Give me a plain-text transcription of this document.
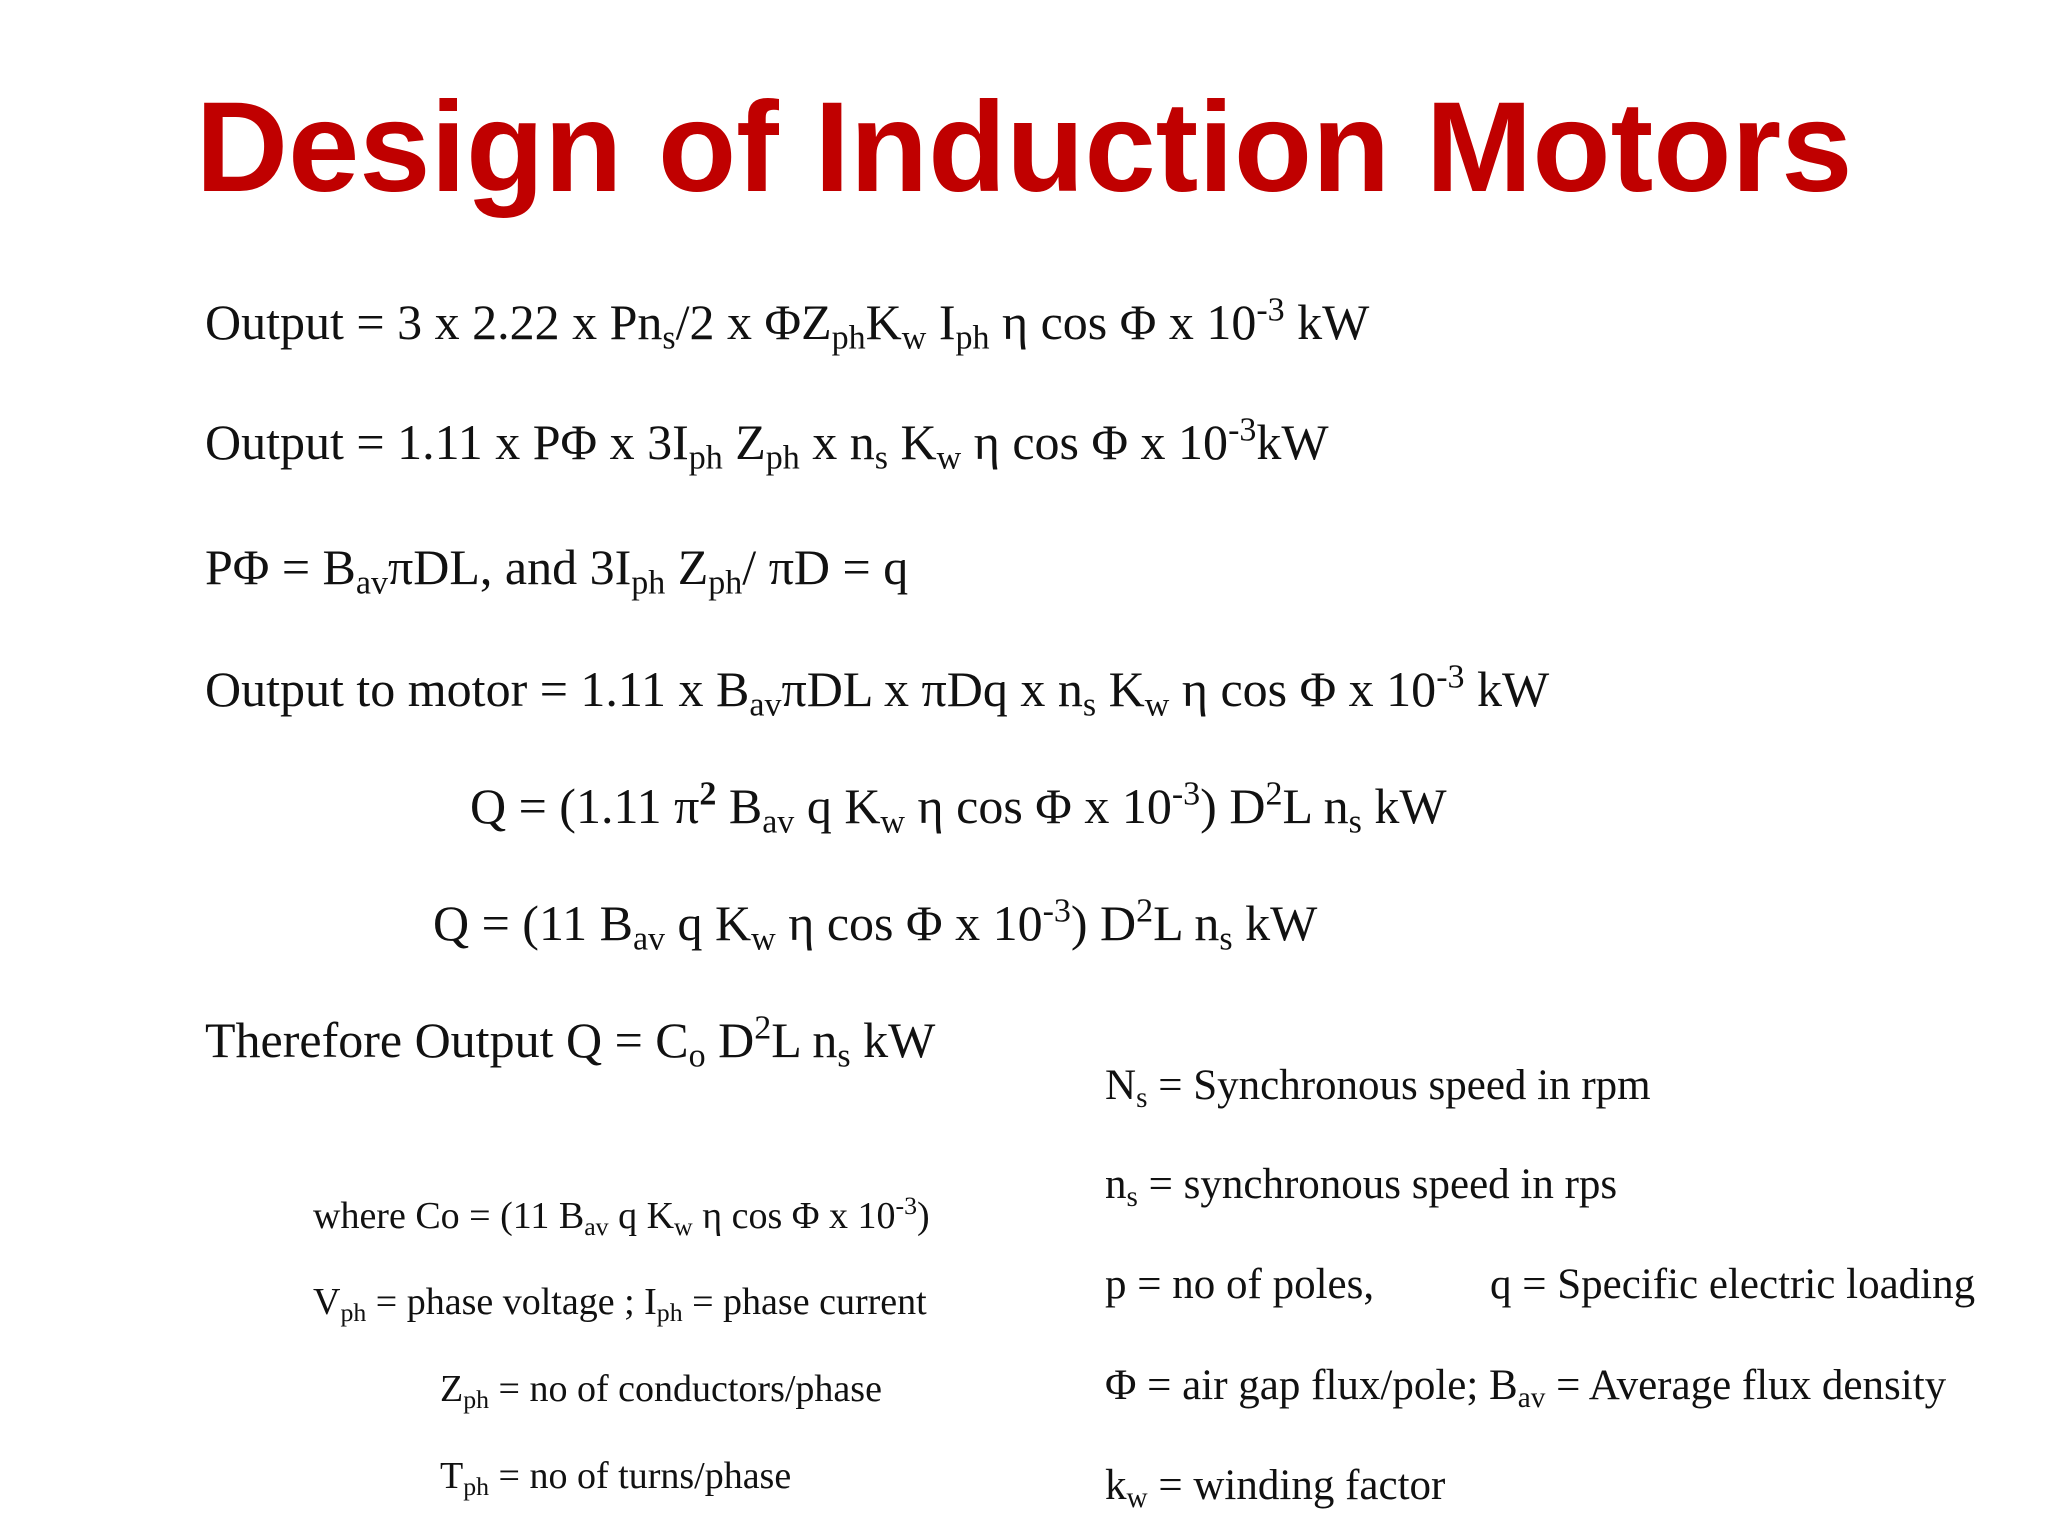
Design of Induction Motors
Output = 3 x 2.22 x $Pn_s/2$ x $\Phi Z_{ph}K_w$ $I_{ph}$ η cos Φ x $10^{-3}$ kW
Output = 1.11 x PΦ x $3I_{ph}$ $Z_{ph}$ x $n_s$ $K_w$ η cos Φ x $10^{-3}kW$
$P\Phi = B_{av}\pi DL$, and $3I_{ph}$ $Z_{ph}/$ πD = q
Output to motor = 1.11 x $B_{av}\pi DL$ x πDq x $n_s$ $K_w$ η cos Φ x $10^{-3}$ kW
Q = (1.11 $\pi^2$ $B_{av}$ q $K_w$ η cos Φ x $10^{-3}$) $D^2L$ $n_s$ kW
Q = (11 $B_{av}$ q $K_w$ η cos Φ x $10^{-3}$) $D^2L$ $n_s$ kW
Therefore Output $Q = C_o$ $D^2L$ $n_s$ kW
where Co = (11 $B_{av}$ q $K_w$ η cos Φ x $10^{-3}$)
$V_{ph}$ = phase voltage ; $I_{ph}$ = phase current
$Z_{ph}$ = no of conductors/phase
$T_{ph}$ = no of turns/phase
$N_s$ = Synchronous speed in rpm
$n_s$ = synchronous speed in rps
p = no of poles,	q = Specific electric loading
Φ = air gap flux/pole; $B_{av}$ = Average flux density
$k_w$ = winding factor
